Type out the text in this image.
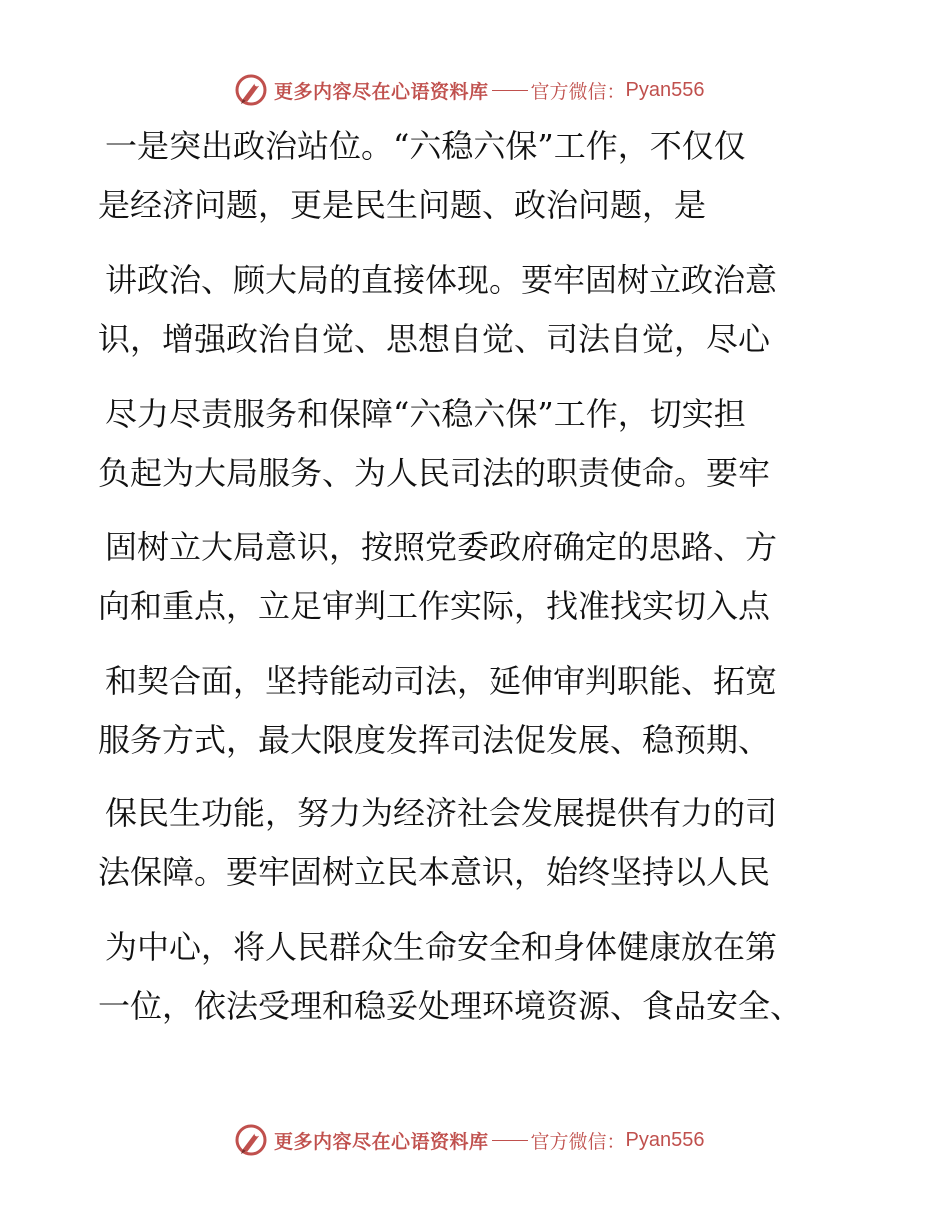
更多内容尽在心语资料库 官方微信： Pyan556
一是突出政治站位。“六稳六保”工作，不仅仅
是经济问题，更是民生问题、政治问题，是
讲政治、顾大局的直接体现。要牢固树立政治意
识，增强政治自觉、思想自觉、司法自觉，尽心
尽力尽责服务和保障“六稳六保”工作，切实担
负起为大局服务、为人民司法的职责使命。要牢
固树立大局意识，按照党委政府确定的思路、方
向和重点，立足审判工作实际，找准找实切入点
和契合面，坚持能动司法，延伸审判职能、拓宽
服务方式，最大限度发挥司法促发展、稳预期、
保民生功能，努力为经济社会发展提供有力的司
法保障。要牢固树立民本意识，始终坚持以人民
为中心，将人民群众生命安全和身体健康放在第
一位，依法受理和稳妥处理环境资源、食品安全、
更多内容尽在心语资料库 官方微信： Pyan556
